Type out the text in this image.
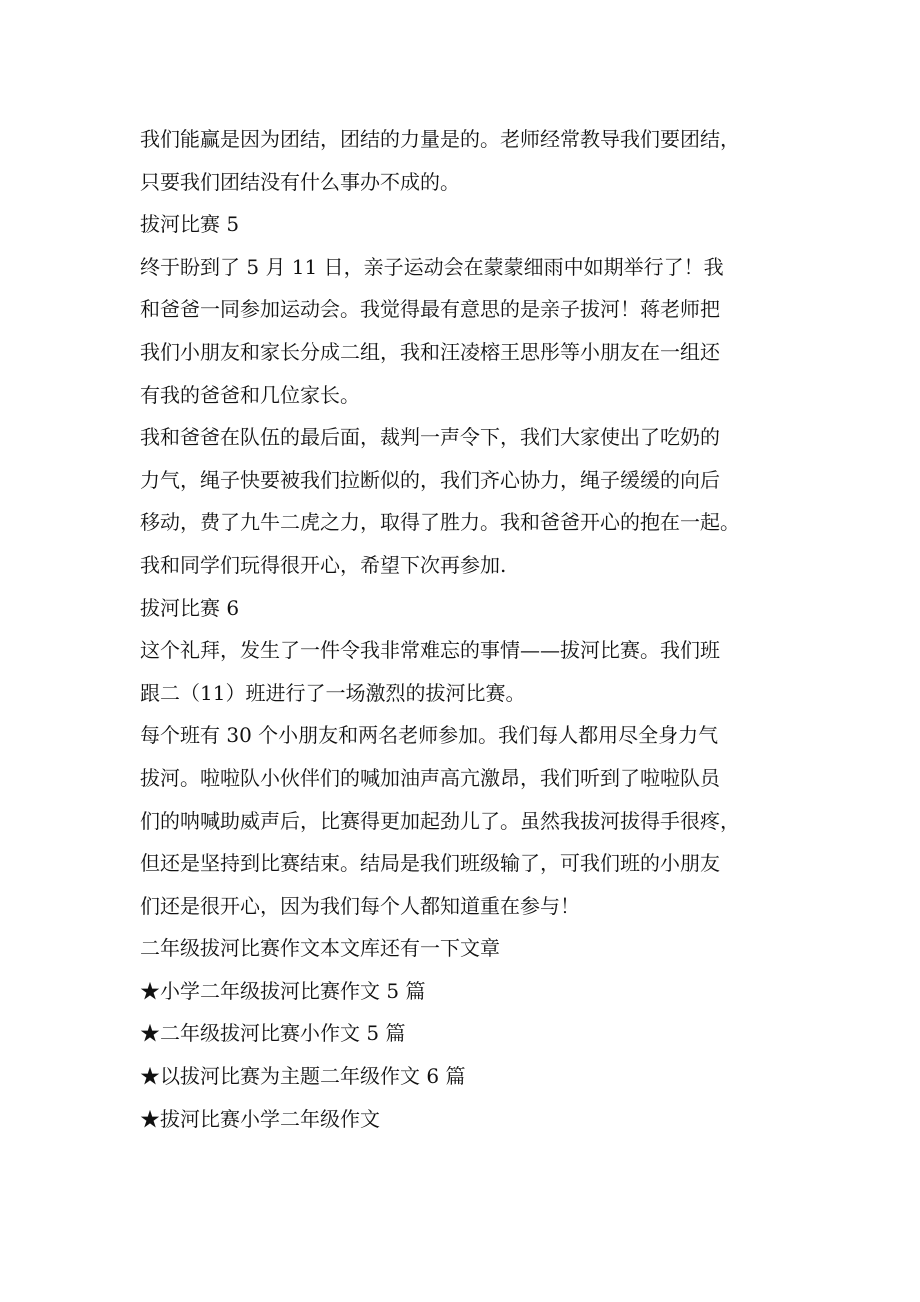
我们能赢是因为团结，团结的力量是的。老师经常教导我们要团结，
只要我们团结没有什么事办不成的。
拔河比赛 5
终于盼到了 5 月 11 日，亲子运动会在蒙蒙细雨中如期举行了！我
和爸爸一同参加运动会。我觉得最有意思的是亲子拔河！蒋老师把
我们小朋友和家长分成二组，我和汪凌榕王思彤等小朋友在一组还
有我的爸爸和几位家长。
我和爸爸在队伍的最后面，裁判一声令下，我们大家使出了吃奶的
力气，绳子快要被我们拉断似的，我们齐心协力，绳子缓缓的向后
移动，费了九牛二虎之力，取得了胜力。我和爸爸开心的抱在一起。
我和同学们玩得很开心，希望下次再参加.
拔河比赛 6
这个礼拜，发生了一件令我非常难忘的事情——拔河比赛。我们班
跟二（11）班进行了一场激烈的拔河比赛。
每个班有 30 个小朋友和两名老师参加。我们每人都用尽全身力气
拔河。啦啦队小伙伴们的喊加油声高亢激昂，我们听到了啦啦队员
们的呐喊助威声后，比赛得更加起劲儿了。虽然我拔河拔得手很疼，
但还是坚持到比赛结束。结局是我们班级输了，可我们班的小朋友
们还是很开心，因为我们每个人都知道重在参与！
二年级拔河比赛作文本文库还有一下文章
★小学二年级拔河比赛作文 5 篇
★二年级拔河比赛小作文 5 篇
★以拔河比赛为主题二年级作文 6 篇
★拔河比赛小学二年级作文
